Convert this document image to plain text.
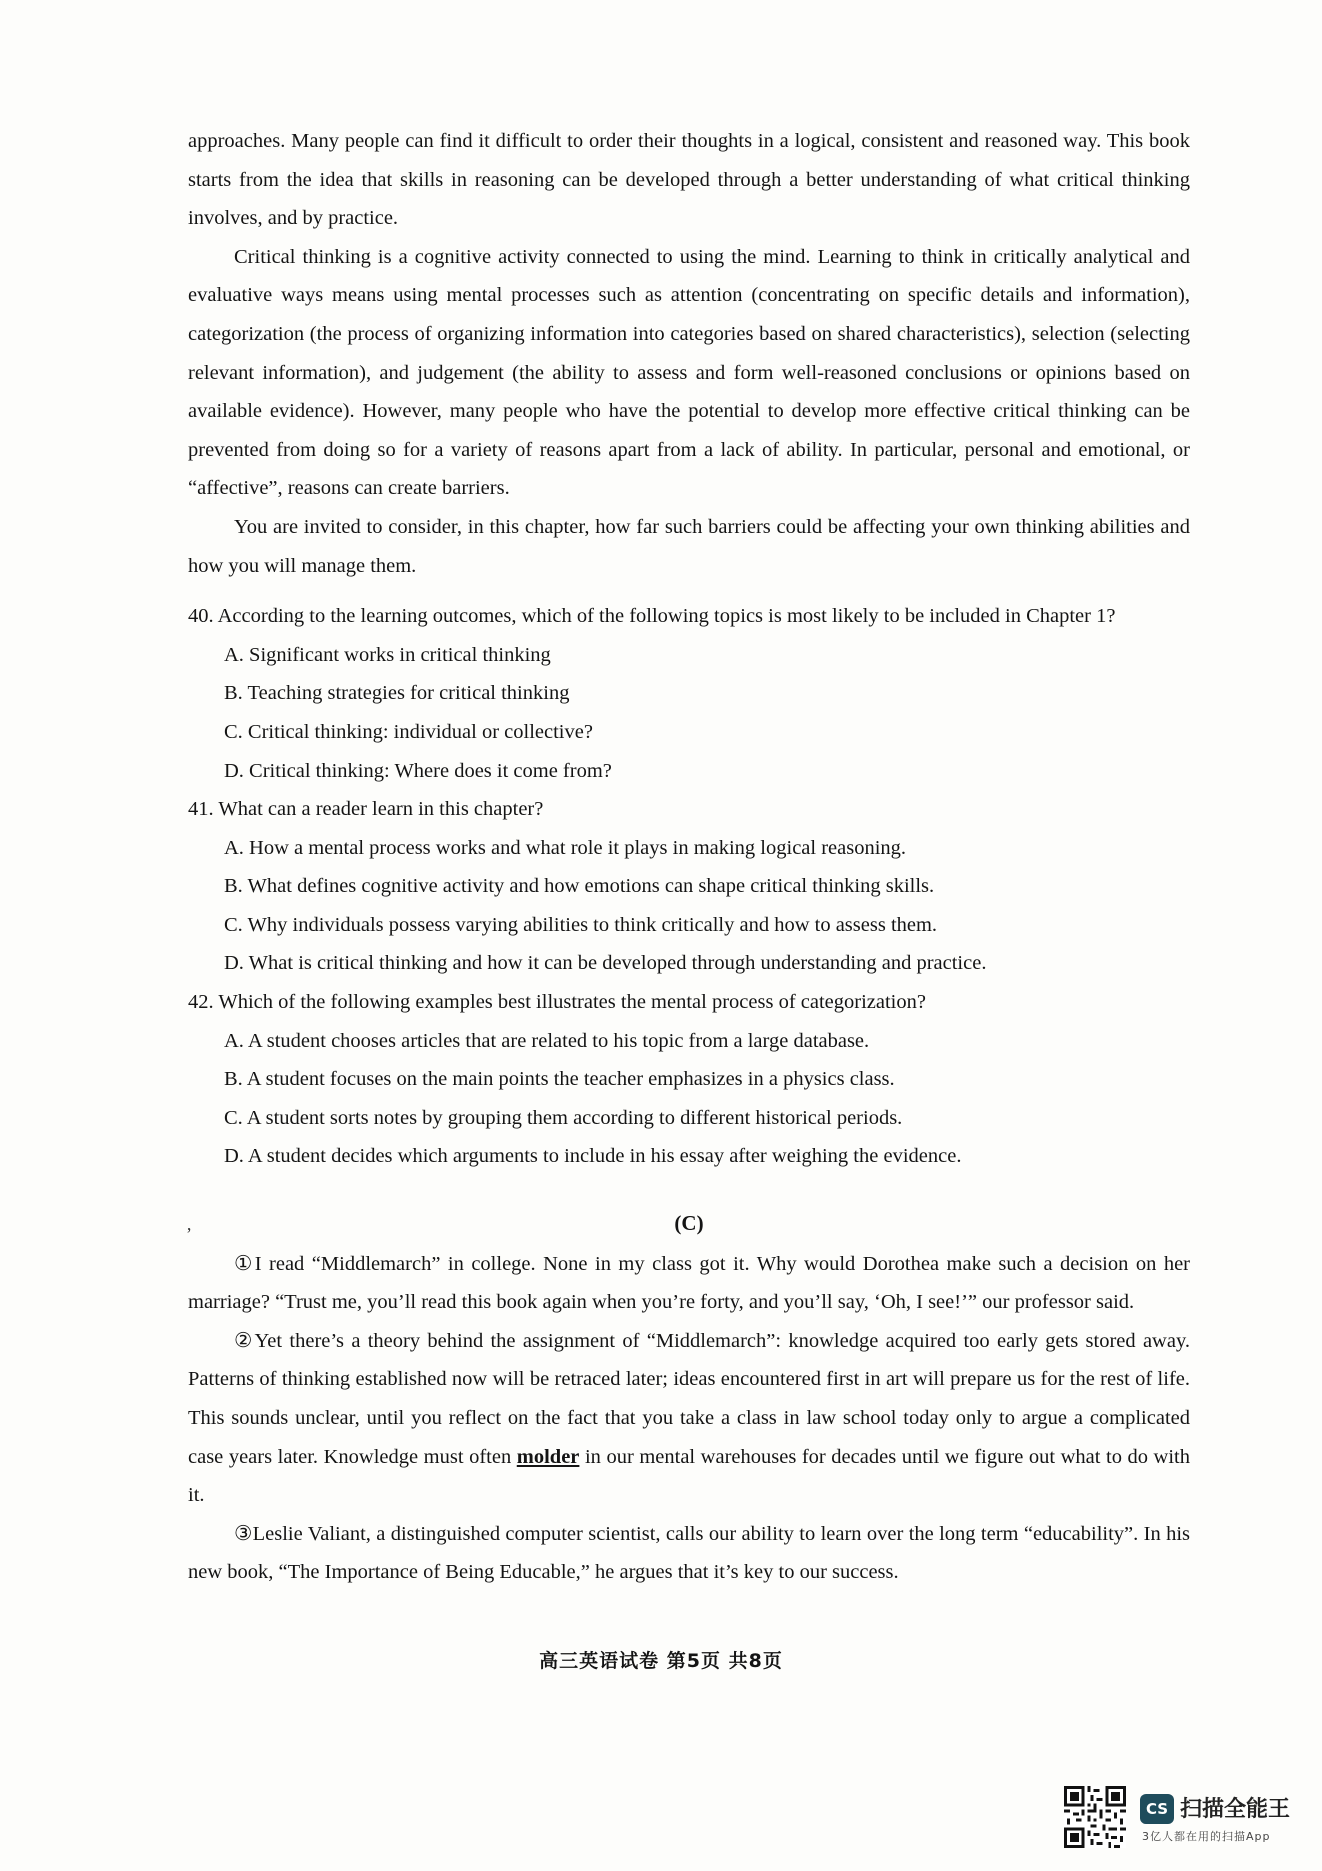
approaches. Many people can find it difficult to order their thoughts in a logical, consistent and reasoned way. This book starts from the idea that skills in reasoning can be developed through a better understanding of what critical thinking involves, and by practice.

Critical thinking is a cognitive activity connected to using the mind. Learning to think in critically analytical and evaluative ways means using mental processes such as attention (concentrating on specific details and information), categorization (the process of organizing information into categories based on shared characteristics), selection (selecting relevant information), and judgement (the ability to assess and form well-reasoned conclusions or opinions based on available evidence). However, many people who have the potential to develop more effective critical thinking can be prevented from doing so for a variety of reasons apart from a lack of ability. In particular, personal and emotional, or “affective”, reasons can create barriers.

You are invited to consider, in this chapter, how far such barriers could be affecting your own thinking abilities and how you will manage them.

40. According to the learning outcomes, which of the following topics is most likely to be included in Chapter 1?

A. Significant works in critical thinking

B. Teaching strategies for critical thinking

C. Critical thinking: individual or collective?

D. Critical thinking: Where does it come from?

41. What can a reader learn in this chapter?

A. How a mental process works and what role it plays in making logical reasoning.

B. What defines cognitive activity and how emotions can shape critical thinking skills.

C. Why individuals possess varying abilities to think critically and how to assess them.

D. What is critical thinking and how it can be developed through understanding and practice.

42. Which of the following examples best illustrates the mental process of categorization?

A. A student chooses articles that are related to his topic from a large database.

B. A student focuses on the main points the teacher emphasizes in a physics class.

C. A student sorts notes by grouping them according to different historical periods.

D. A student decides which arguments to include in his essay after weighing the evidence.

(C)

①I read “Middlemarch” in college. None in my class got it. Why would Dorothea make such a decision on her marriage? “Trust me, you’ll read this book again when you’re forty, and you’ll say, ‘Oh, I see!’” our professor said.

②Yet there’s a theory behind the assignment of “Middlemarch”: knowledge acquired too early gets stored away. Patterns of thinking established now will be retraced later; ideas encountered first in art will prepare us for the rest of life. This sounds unclear, until you reflect on the fact that you take a class in law school today only to argue a complicated case years later. Knowledge must often molder in our mental warehouses for decades until we figure out what to do with it.

③Leslie Valiant, a distinguished computer scientist, calls our ability to learn over the long term “educability”. In his new book, “The Importance of Being Educable,” he argues that it’s key to our success.

ʼ
高三英语试卷 第5页 共8页
CS 扫描全能王
3亿人都在用的扫描App
